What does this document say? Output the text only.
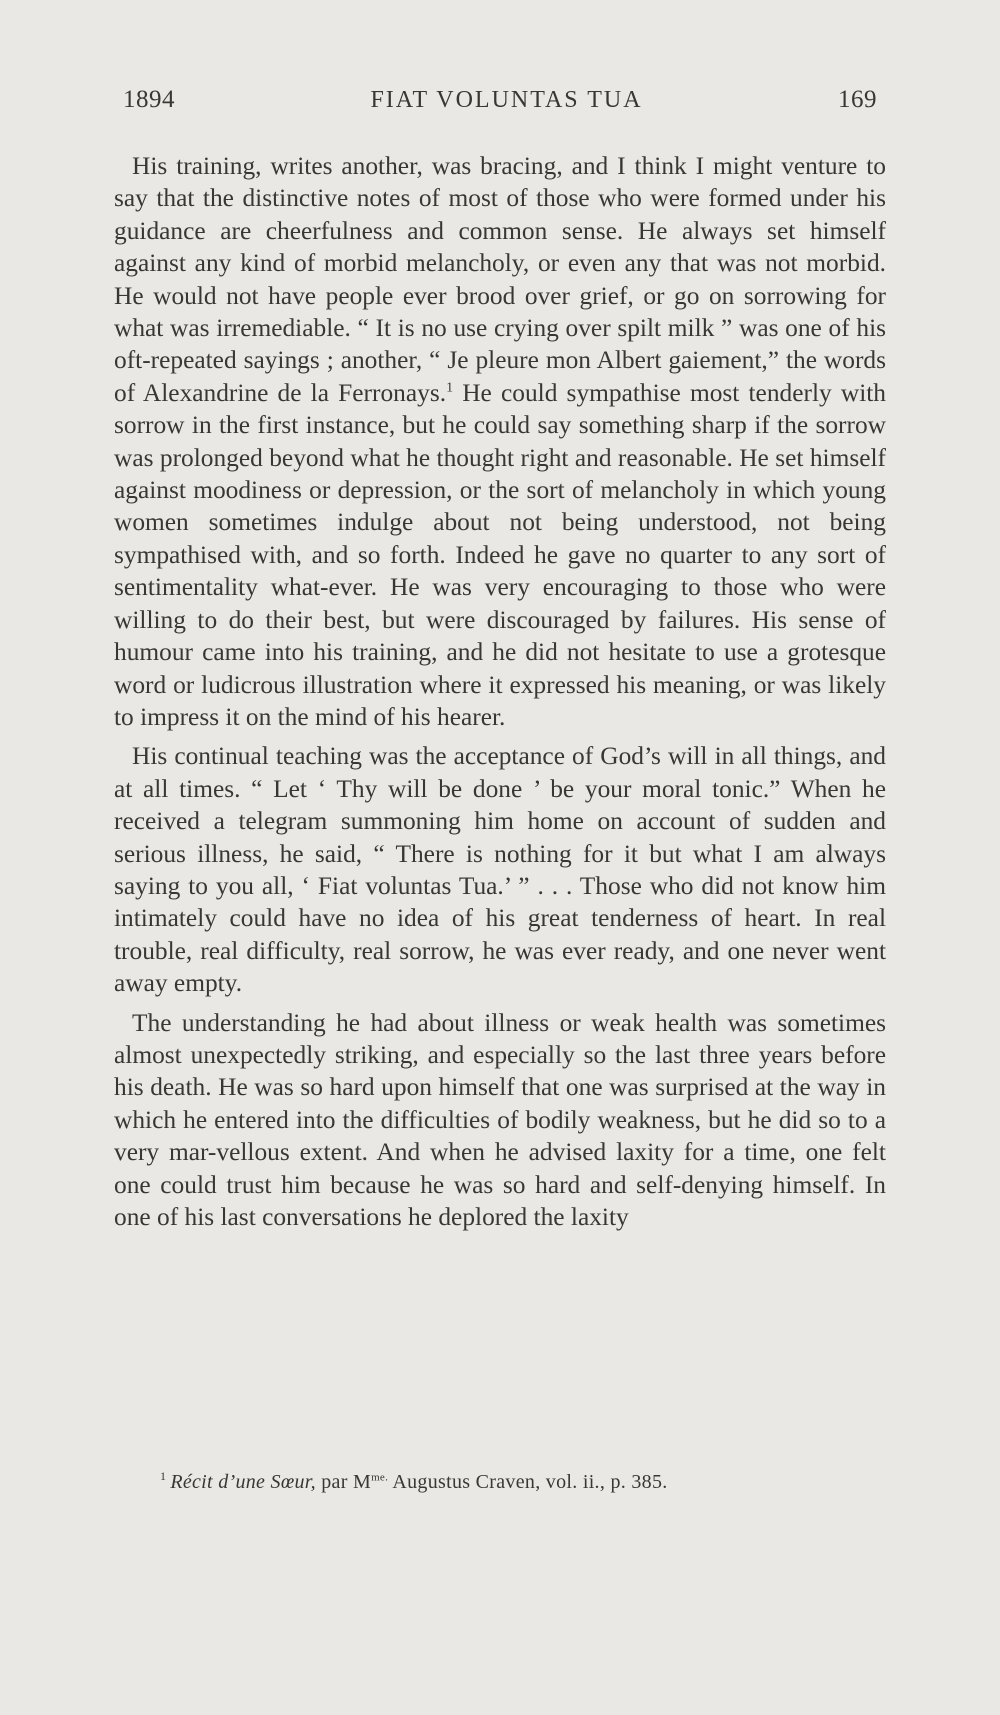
1894	FIAT VOLUNTAS TUA	169

His training, writes another, was bracing, and I think I might venture to say that the distinctive notes of most of those who were formed under his guidance are cheerfulness and common sense. He always set himself against any kind of morbid melancholy, or even any that was not morbid. He would not have people ever brood over grief, or go on sorrowing for what was irremediable. “ It is no use crying over spilt milk ” was one of his oft-repeated sayings ; another, “ Je pleure mon Albert gaiement,” the words of Alexandrine de la Ferronays.$^1$ He could sympathise most tenderly with sorrow in the first instance, but he could say something sharp if the sorrow was prolonged beyond what he thought right and reasonable. He set himself against moodiness or depression, or the sort of melancholy in which young women sometimes indulge about not being understood, not being sympathised with, and so forth. Indeed he gave no quarter to any sort of sentimentality what-ever. He was very encouraging to those who were willing to do their best, but were discouraged by failures. His sense of humour came into his training, and he did not hesitate to use a grotesque word or ludicrous illustration where it expressed his meaning, or was likely to impress it on the mind of his hearer.

His continual teaching was the acceptance of God’s will in all things, and at all times. “ Let ‘ Thy will be done ’ be your moral tonic.” When he received a telegram summoning him home on account of sudden and serious illness, he said, “ There is nothing for it but what I am always saying to you all, ‘ Fiat voluntas Tua.’ ” . . . Those who did not know him intimately could have no idea of his great tenderness of heart. In real trouble, real difficulty, real sorrow, he was ever ready, and one never went away empty.

The understanding he had about illness or weak health was sometimes almost unexpectedly striking, and especially so the last three years before his death. He was so hard upon himself that one was surprised at the way in which he entered into the difficulties of bodily weakness, but he did so to a very mar-vellous extent. And when he advised laxity for a time, one felt one could trust him because he was so hard and self-denying himself. In one of his last conversations he deplored the laxity

$^1$ Récit d’une Sœur, par $M^{me.}$ Augustus Craven, vol. ii., p. 385.
